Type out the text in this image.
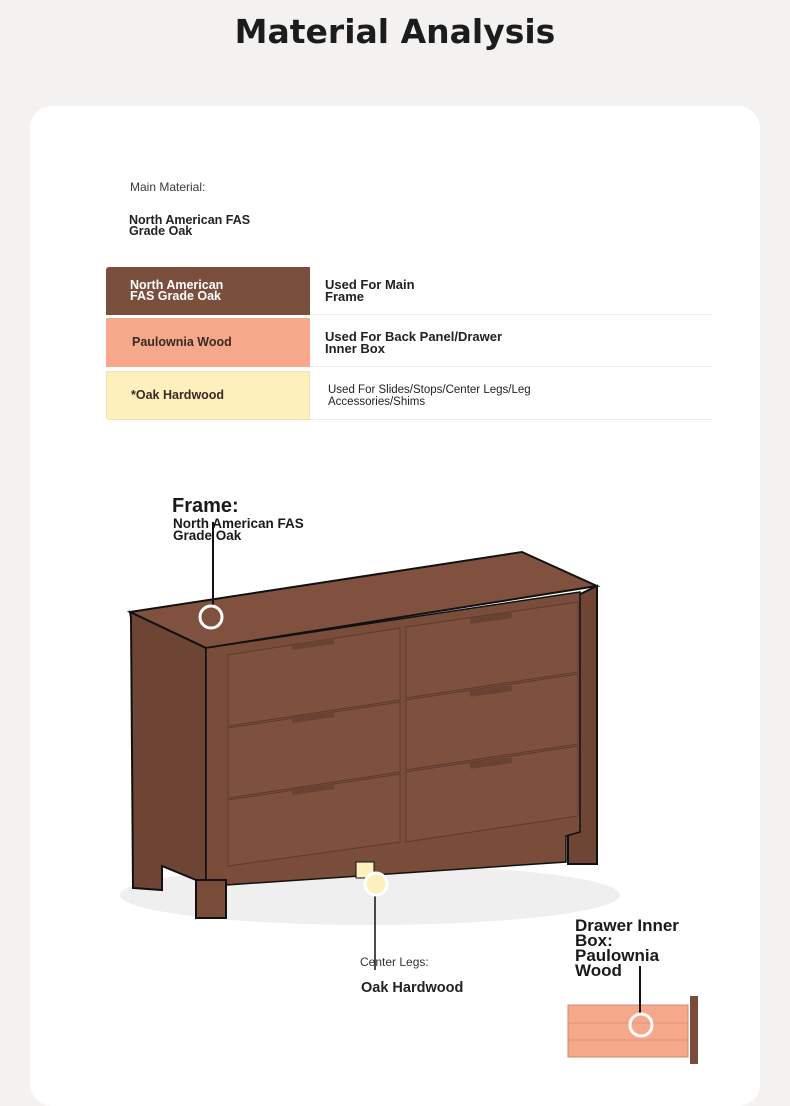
Material Analysis
Main Material:
North American FAS Grade Oak
North American FAS Grade Oak
Used For Main Frame
Paulownia Wood	Used For Back Panel/Drawer Inner Box
*Oak Hardwood	Used For Slides/Stops/Center Legs/Leg Accessories/Shims
Frame:
North American FAS Grade Oak
Center Legs:
Oak Hardwood
Drawer Inner Box: Paulownia Wood
